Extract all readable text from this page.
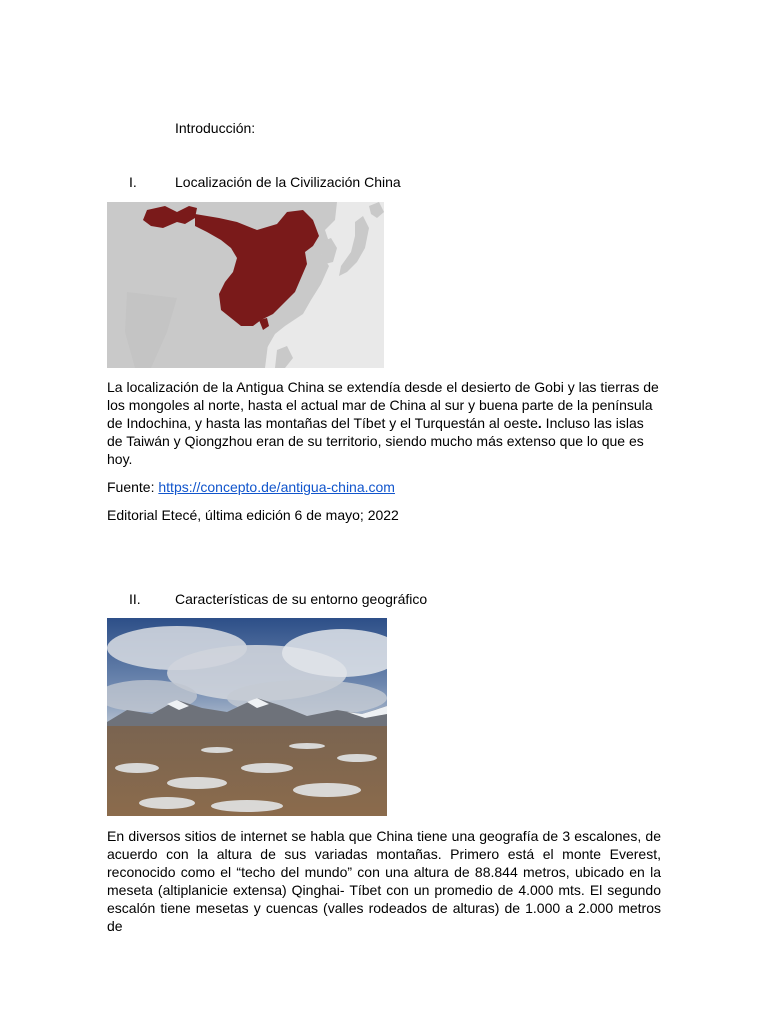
Introducción:
I.	Localización de la Civilización China

La localización de la Antigua China se extendía desde el desierto de Gobi y las tierras de los mongoles al norte, hasta el actual mar de China al sur y buena parte de la península de Indochina, y hasta las montañas del Tíbet y el Turquestán al oeste. Incluso las islas de Taiwán y Qiongzhou eran de su territorio, siendo mucho más extenso que lo que es hoy.

Fuente: https://concepto.de/antigua-china.com
Editorial Etecé, última edición 6 de mayo; 2022
II. Características de su entorno geográfico
En diversos sitios de internet se habla que China tiene una geografía de 3 escalones, de acuerdo con la altura de sus variadas montañas. Primero está el monte Everest, reconocido como el “techo del mundo” con una altura de 88.844 metros, ubicado en la meseta (altiplanicie extensa) Qinghai- Tíbet con un promedio de 4.000 mts. El segundo escalón tiene mesetas y cuencas (valles rodeados de alturas) de 1.000 a 2.000 metros de
